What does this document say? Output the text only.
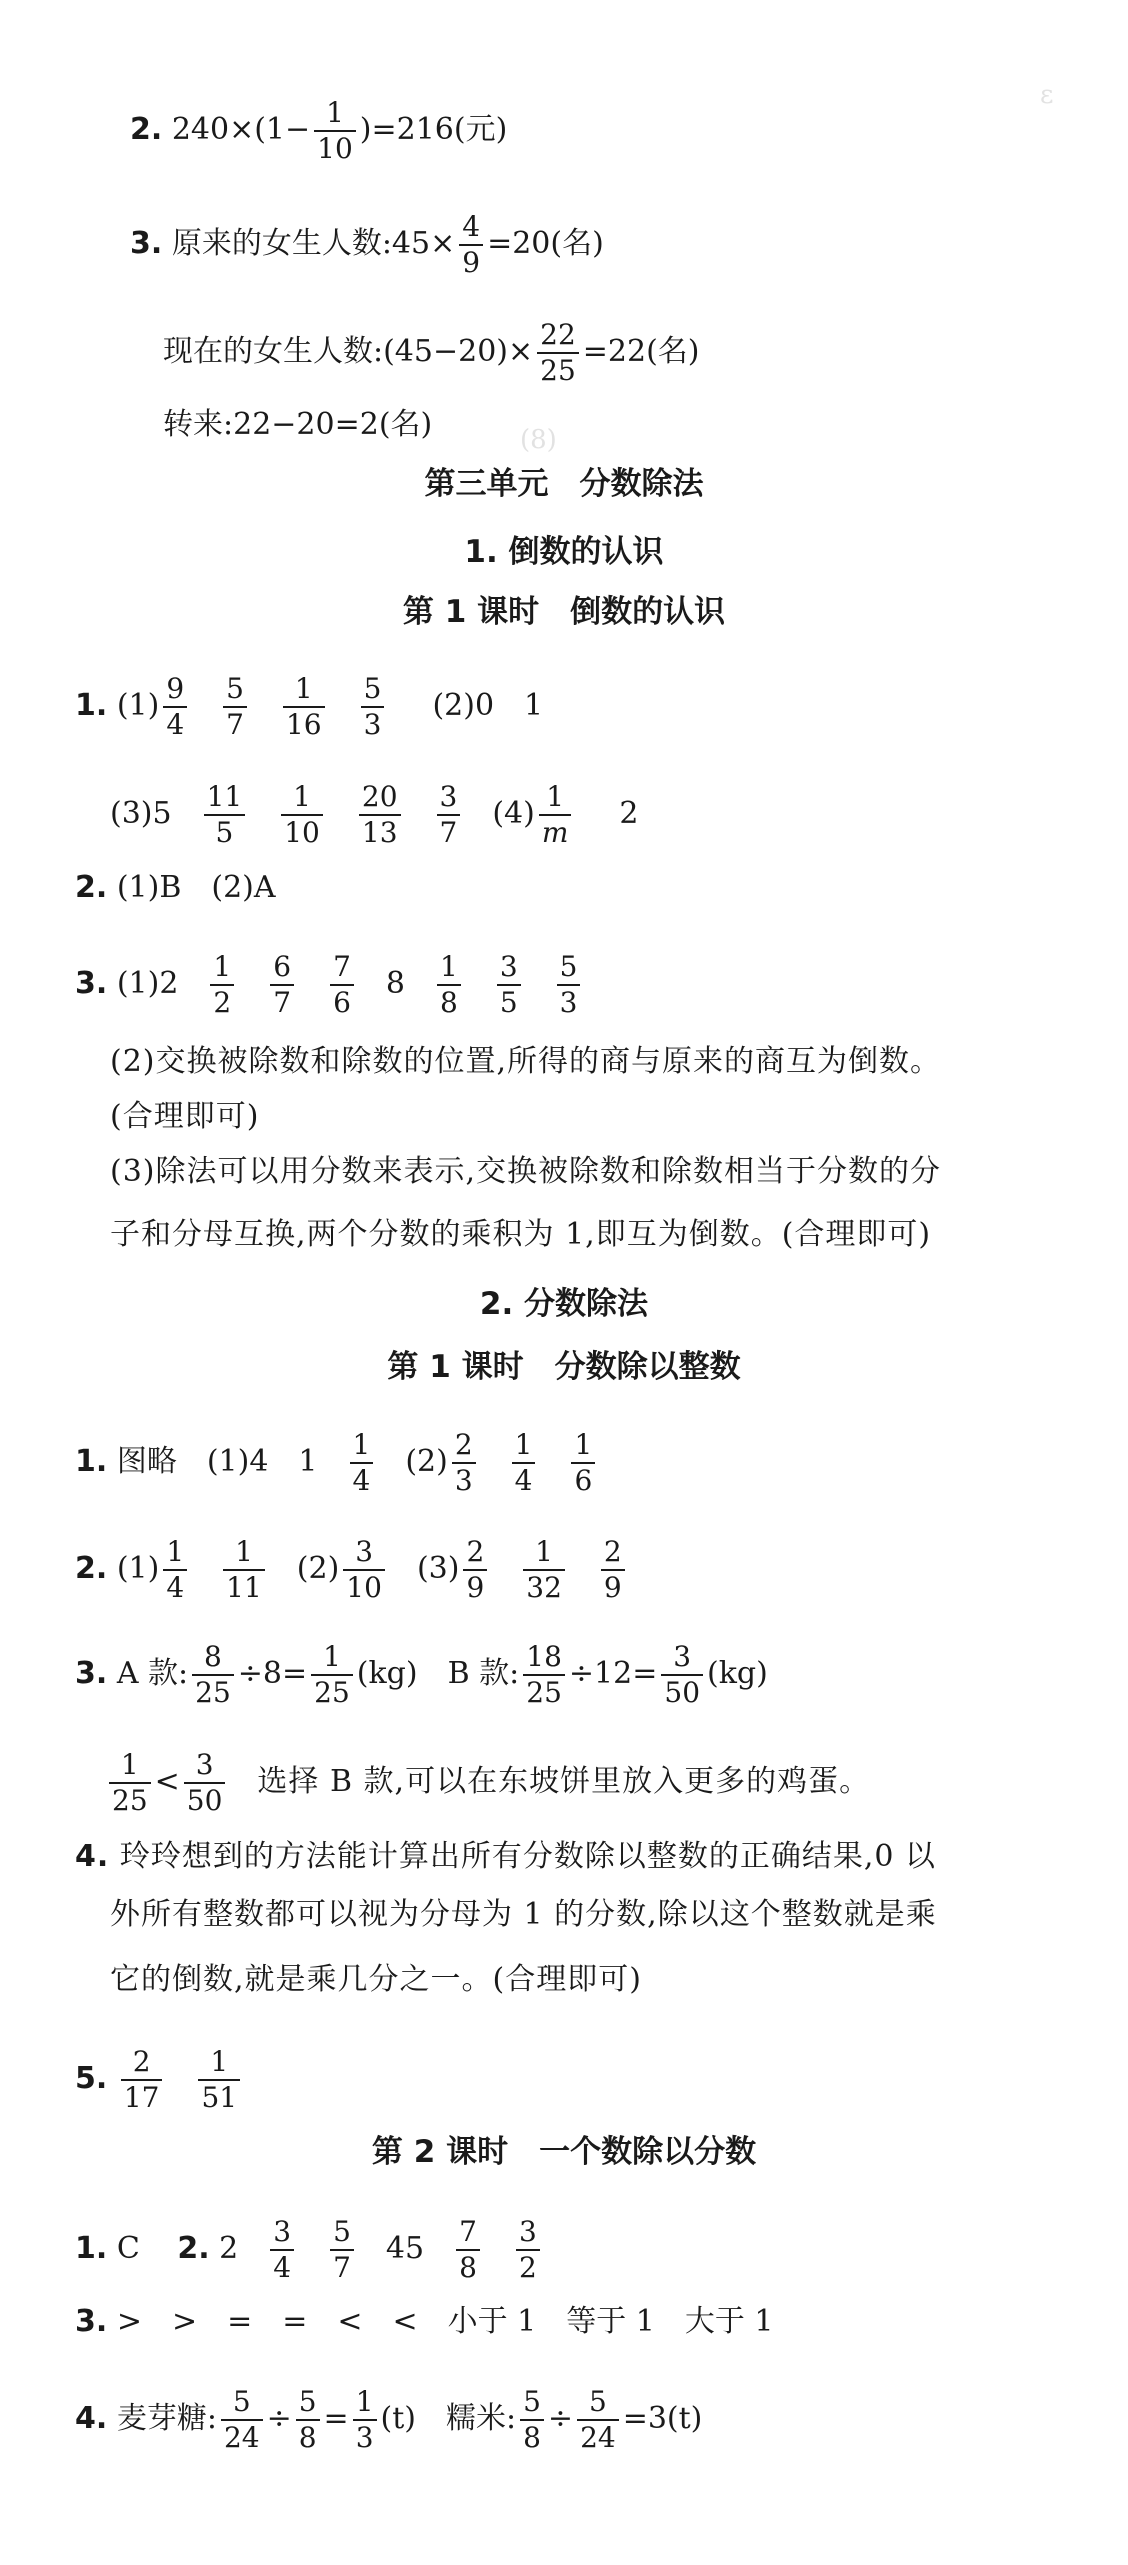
ε
(8)
2. $240\times(1- \frac{1}{10} )=216$(元)
3. 原来的女生人数:45× $\frac{4}{9} =20$(名)
现在的女生人数:(45−20)× $\frac{22}{25} =22$(名)
转来:22−20=2(名)
第三单元　分数除法
1. 倒数的认识
第 1 课时　倒数的认识
1. $(1) \frac{9}{4} \frac{5}{7} \frac{1}{16} \frac{5}{3} (2)0$　1
$(3)5 \frac{11}{5} \frac{1}{10} \frac{20}{13} \frac{3}{7} (4) \frac{1}{m} 2$
2. (1)B　(2)A
3. $(1)2 \frac{1}{2} \frac{6}{7} \frac{7}{6} 8 \frac{1}{8} \frac{3}{5} \frac{5}{3}$
(2)交换被除数和除数的位置,所得的商与原来的商互为倒数。
(合理即可)
(3)除法可以用分数来表示,交换被除数和除数相当于分数的分
子和分母互换,两个分数的乘积为 1,即互为倒数。(合理即可)
2. 分数除法
第 1 课时　分数除以整数
1. 图略　(1)4　$1 \frac{1}{4} (2) \frac{2}{3} \frac{1}{4} \frac{1}{6}$
2. $(1) \frac{1}{4} \frac{1}{11} (2) \frac{3}{10} (3) \frac{2}{9} \frac{1}{32} \frac{2}{9}$
3. A 款: $\frac{8}{25} \div 8= \frac{1}{25} (kg)$　B 款: $\frac{18}{25} \div 12= \frac{3}{50} (kg)$
$\frac{1}{25} < \frac{3}{50}$ 选择 B 款,可以在东坡饼里放入更多的鸡蛋。
4. 玲玲想到的方法能计算出所有分数除以整数的正确结果,0 以
外所有整数都可以视为分母为 1 的分数,除以这个整数就是乘
它的倒数,就是乘几分之一。(合理即可)
5. $\frac{2}{17} \frac{1}{51}$
第 2 课时　一个数除以分数
1. C 2. $2 \frac{3}{4} \frac{5}{7} 45 \frac{7}{8} \frac{3}{2}$
3. >　>　=　=　<　<　小于 1　等于 1　大于 1
4. 麦芽糖: $\frac{5}{24} \div \frac{5}{8} = \frac{1}{3} (t)$　糯米: $\frac{5}{8} \div \frac{5}{24} =3(t)$
